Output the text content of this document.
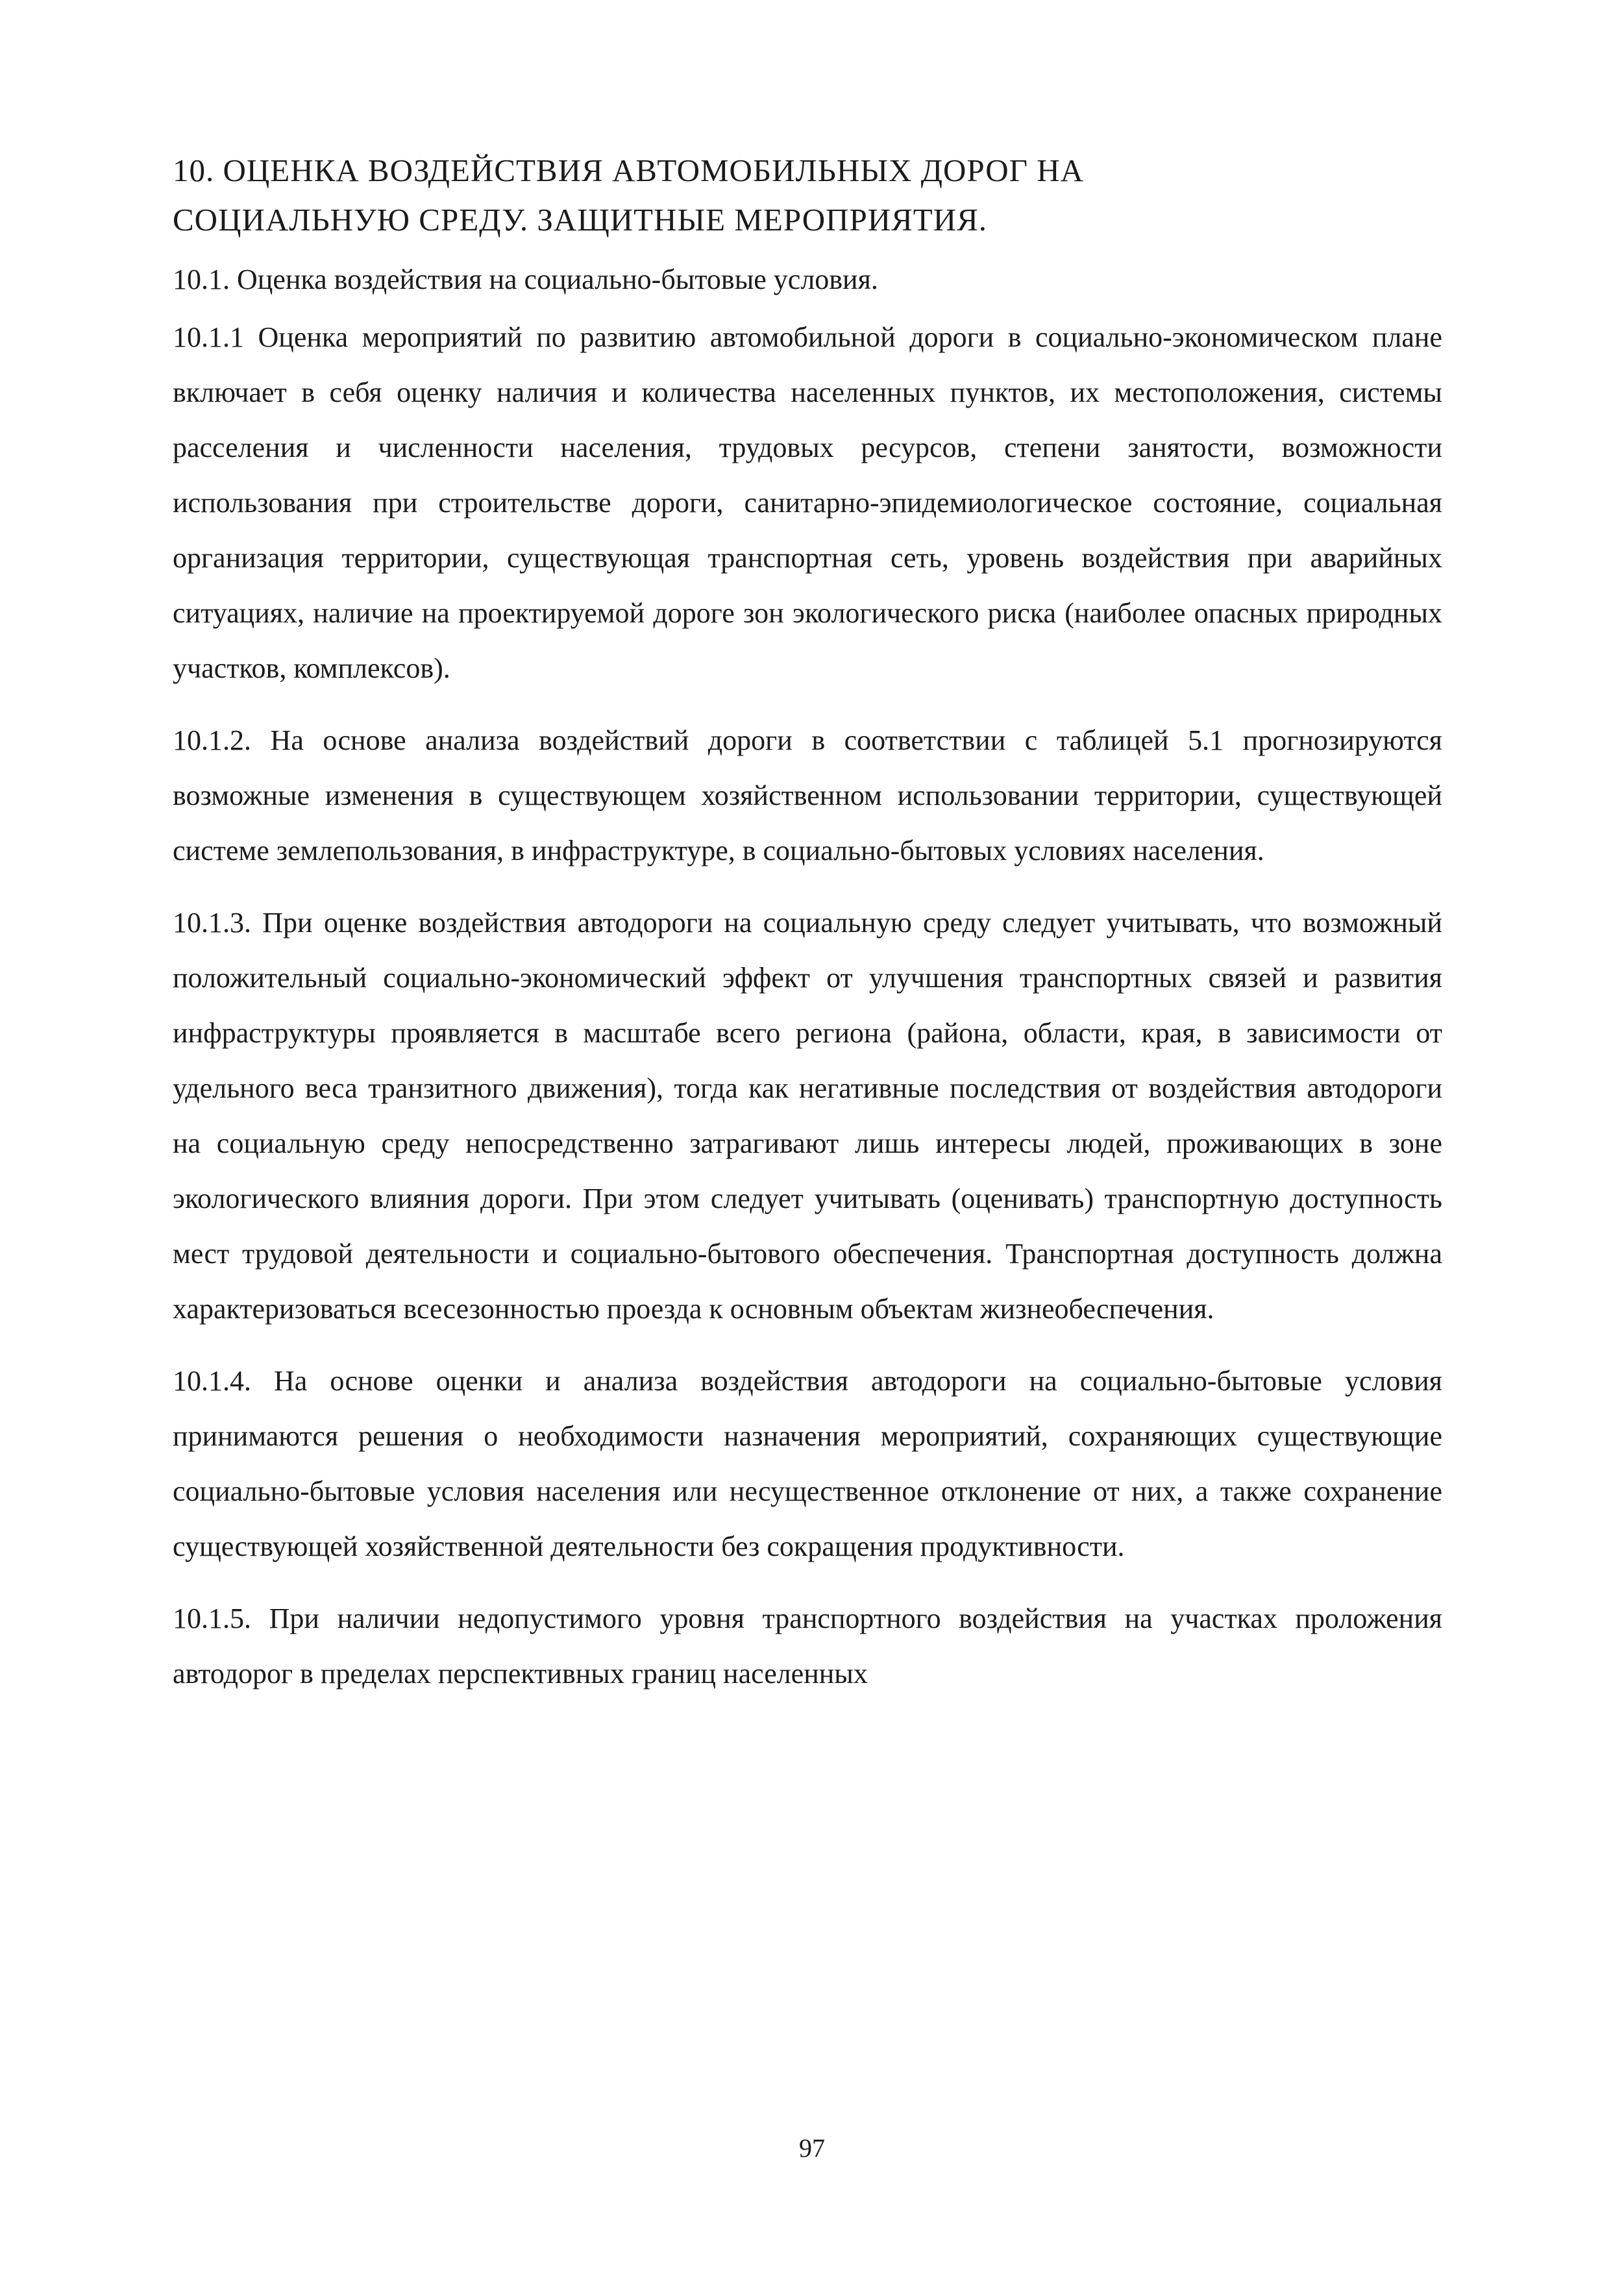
10. ОЦЕНКА ВОЗДЕЙСТВИЯ АВТОМОБИЛЬНЫХ ДОРОГ НА
СОЦИАЛЬНУЮ СРЕДУ. ЗАЩИТНЫЕ МЕРОПРИЯТИЯ.

10.1. Оценка воздействия на социально-бытовые условия.

10.1.1 Оценка мероприятий по развитию автомобильной дороги в социально-экономическом плане включает в себя оценку наличия и количества населенных пунктов, их местоположения, системы расселения и численности населения, трудовых ресурсов, степени занятости, возможности использования при строительстве дороги, санитарно-эпидемиологическое состояние, социальная организация территории, существующая транспортная сеть, уровень воздействия при аварийных ситуациях, наличие на проектируемой дороге зон экологического риска (наиболее опасных природных участков, комплексов).

10.1.2. На основе анализа воздействий дороги в соответствии с таблицей 5.1 прогнозируются возможные изменения в существующем хозяйственном использовании территории, существующей системе землепользования, в инфраструктуре, в социально-бытовых условиях населения.

10.1.3. При оценке воздействия автодороги на социальную среду следует учитывать, что возможный положительный социально-экономический эффект от улучшения транспортных связей и развития инфраструктуры проявляется в масштабе всего региона (района, области, края, в зависимости от удельного веса транзитного движения), тогда как негативные последствия от воздействия автодороги на социальную среду непосредственно затрагивают лишь интересы людей, проживающих в зоне экологического влияния дороги. При этом следует учитывать (оценивать) транспортную доступность мест трудовой деятельности и социально-бытового обеспечения. Транспортная доступность должна характеризоваться всесезонностью проезда к основным объектам жизнеобеспечения.

10.1.4. На основе оценки и анализа воздействия автодороги на социально-бытовые условия принимаются решения о необходимости назначения мероприятий, сохраняющих существующие социально-бытовые условия населения или несущественное отклонение от них, а также сохранение существующей хозяйственной деятельности без сокращения продуктивности.

10.1.5. При наличии недопустимого уровня транспортного воздействия на участках проложения автодорог в пределах перспективных границ населенных

97
